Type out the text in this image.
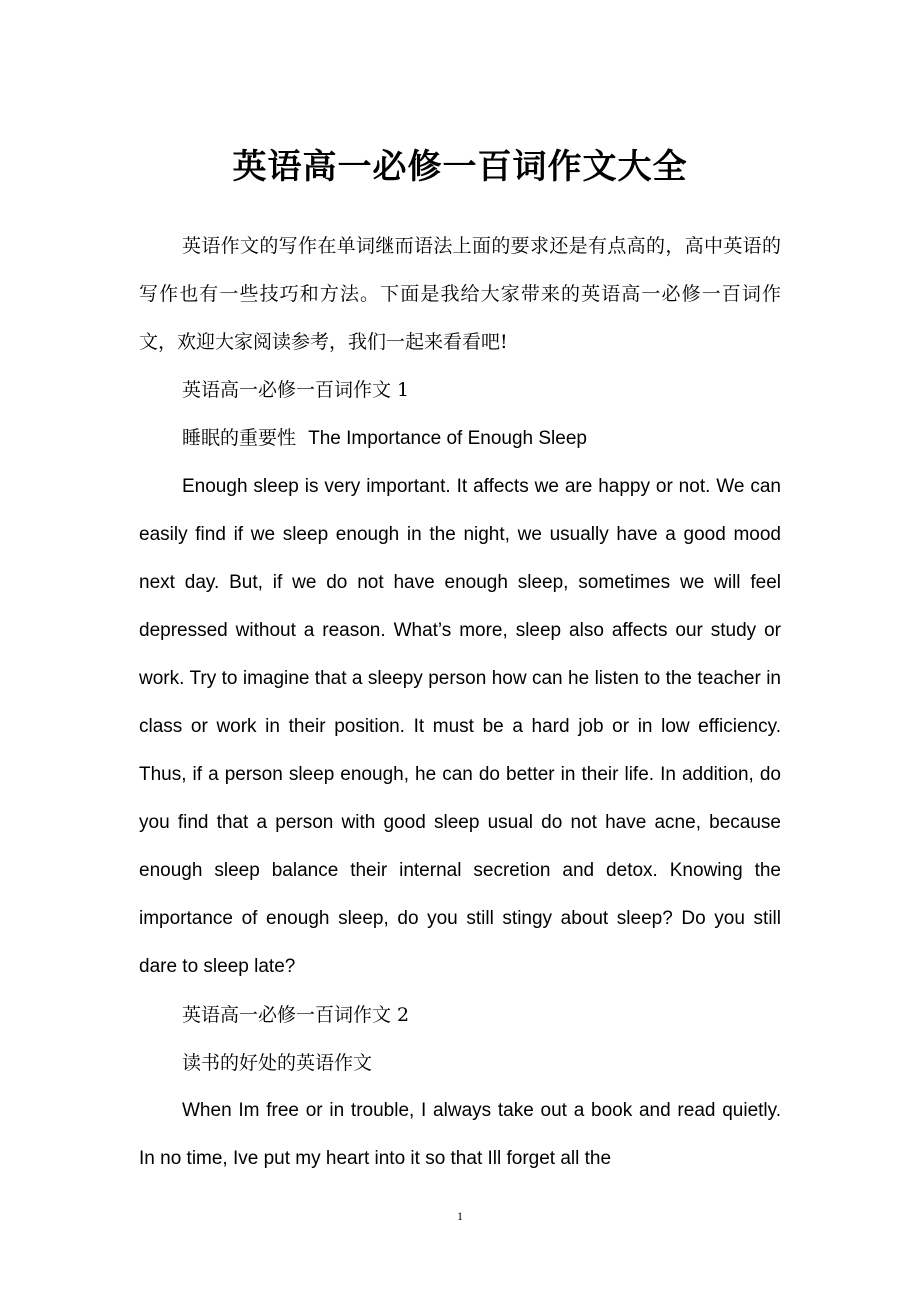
英语高一必修一百词作文大全

英语作文的写作在单词继而语法上面的要求还是有点高的，高中英语的写作也有一些技巧和方法。下面是我给大家带来的英语高一必修一百词作文，欢迎大家阅读参考，我们一起来看看吧!

英语高一必修一百词作文 1

睡眠的重要性 The Importance of Enough Sleep

Enough sleep is very important. It affects we are happy or not. We can easily find if we sleep enough in the night, we usually have a good mood next day. But, if we do not have enough sleep, sometimes we will feel depressed without a reason. What’s more, sleep also affects our study or work. Try to imagine that a sleepy person how can he listen to the teacher in class or work in their position. It must be a hard job or in low efficiency. Thus, if a person sleep enough, he can do better in their life. In addition, do you find that a person with good sleep usual do not have acne, because enough sleep balance their internal secretion and detox. Knowing the importance of enough sleep, do you still stingy about sleep? Do you still dare to sleep late?

英语高一必修一百词作文 2

读书的好处的英语作文

When Im free or in trouble, I always take out a book and read quietly. In no time, Ive put my heart into it so that Ill forget all the

1
